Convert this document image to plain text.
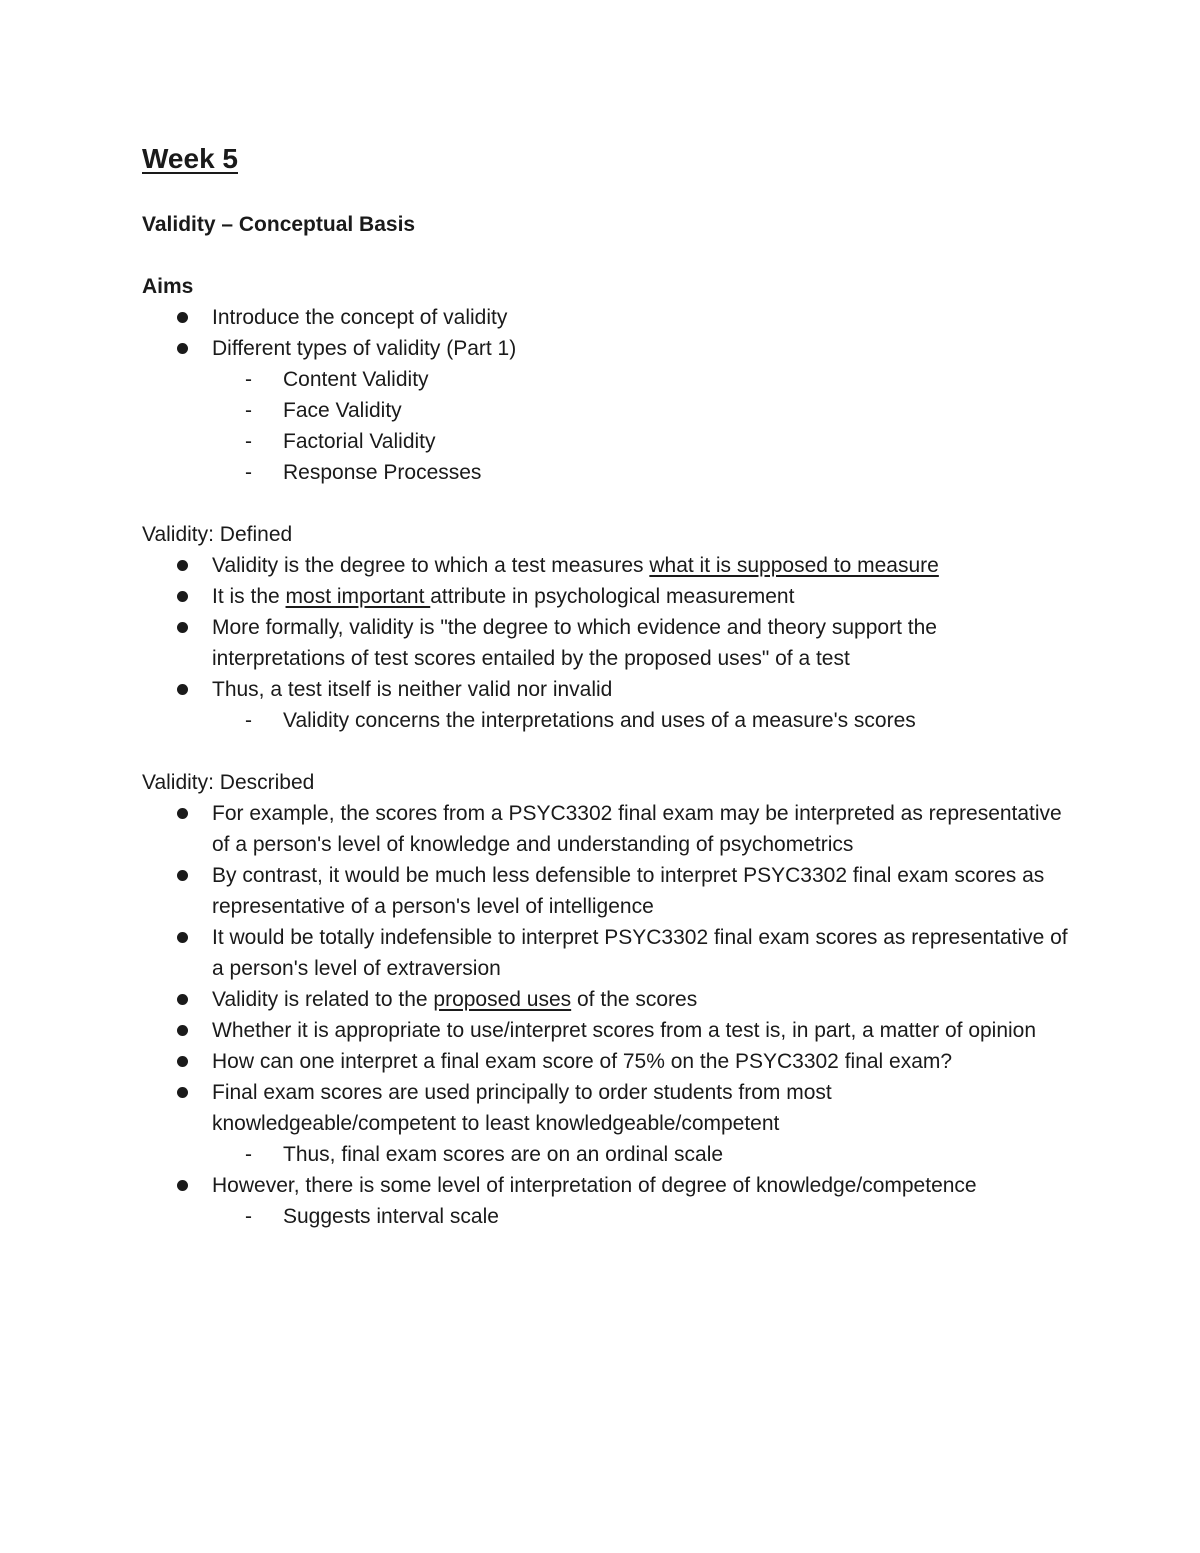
Week 5
Validity – Conceptual Basis
Aims
Introduce the concept of validity
Different types of validity (Part 1)
- Content Validity
- Face Validity
- Factorial Validity
- Response Processes
Validity: Defined
Validity is the degree to which a test measures what it is supposed to measure
It is the most important attribute in psychological measurement
More formally, validity is "the degree to which evidence and theory support the interpretations of test scores entailed by the proposed uses" of a test
Thus, a test itself is neither valid nor invalid
- Validity concerns the interpretations and uses of a measure's scores
Validity: Described
For example, the scores from a PSYC3302 final exam may be interpreted as representative of a person's level of knowledge and understanding of psychometrics
By contrast, it would be much less defensible to interpret PSYC3302 final exam scores as representative of a person's level of intelligence
It would be totally indefensible to interpret PSYC3302 final exam scores as representative of a person's level of extraversion
Validity is related to the proposed uses of the scores
Whether it is appropriate to use/interpret scores from a test is, in part, a matter of opinion
How can one interpret a final exam score of 75% on the PSYC3302 final exam?
Final exam scores are used principally to order students from most knowledgeable/competent to least knowledgeable/competent
- Thus, final exam scores are on an ordinal scale
However, there is some level of interpretation of degree of knowledge/competence
- Suggests interval scale
